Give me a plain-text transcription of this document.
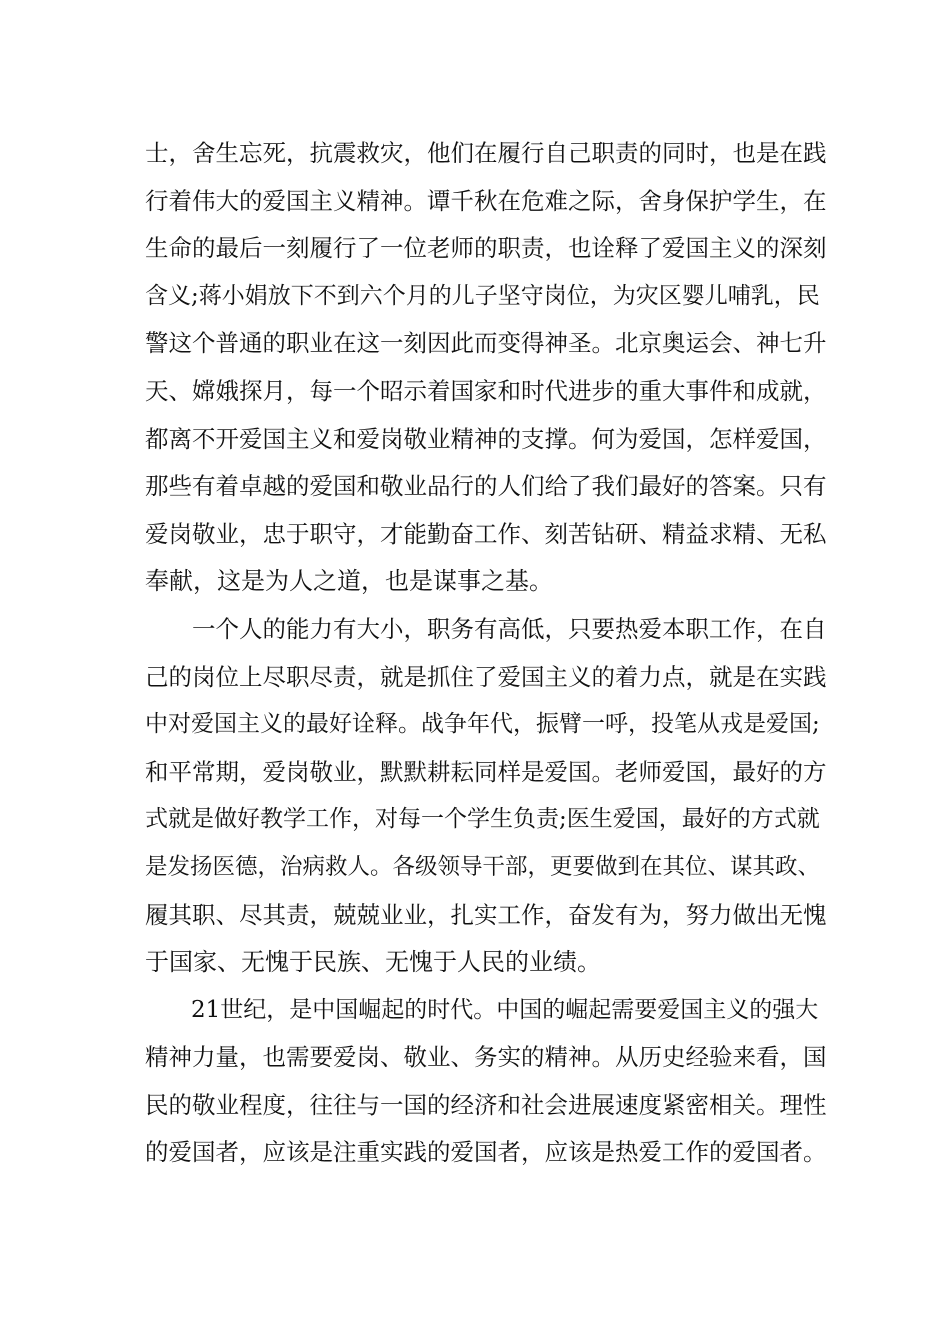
士，舍生忘死，抗震救灾，他们在履行自己职责的同时，也是在践
行着伟大的爱国主义精神。谭千秋在危难之际，舍身保护学生，在
生命的最后一刻履行了一位老师的职责，也诠释了爱国主义的深刻
含义;蒋小娟放下不到六个月的儿子坚守岗位，为灾区婴儿哺乳，民
警这个普通的职业在这一刻因此而变得神圣。北京奥运会、神七升
天、嫦娥探月，每一个昭示着国家和时代进步的重大事件和成就，
都离不开爱国主义和爱岗敬业精神的支撑。何为爱国，怎样爱国，
那些有着卓越的爱国和敬业品行的人们给了我们最好的答案。只有
爱岗敬业，忠于职守，才能勤奋工作、刻苦钻研、精益求精、无私
奉献，这是为人之道，也是谋事之基。
　　一个人的能力有大小，职务有高低，只要热爱本职工作，在自
己的岗位上尽职尽责，就是抓住了爱国主义的着力点，就是在实践
中对爱国主义的最好诠释。战争年代，振臂一呼，投笔从戎是爱国;
和平常期，爱岗敬业，默默耕耘同样是爱国。老师爱国，最好的方
式就是做好教学工作，对每一个学生负责;医生爱国，最好的方式就
是发扬医德，治病救人。各级领导干部，更要做到在其位、谋其政、
履其职、尽其责，兢兢业业，扎实工作，奋发有为，努力做出无愧
于国家、无愧于民族、无愧于人民的业绩。
　　21世纪，是中国崛起的时代。中国的崛起需要爱国主义的强大
精神力量，也需要爱岗、敬业、务实的精神。从历史经验来看，国
民的敬业程度，往往与一国的经济和社会进展速度紧密相关。理性
的爱国者，应该是注重实践的爱国者，应该是热爱工作的爱国者。
